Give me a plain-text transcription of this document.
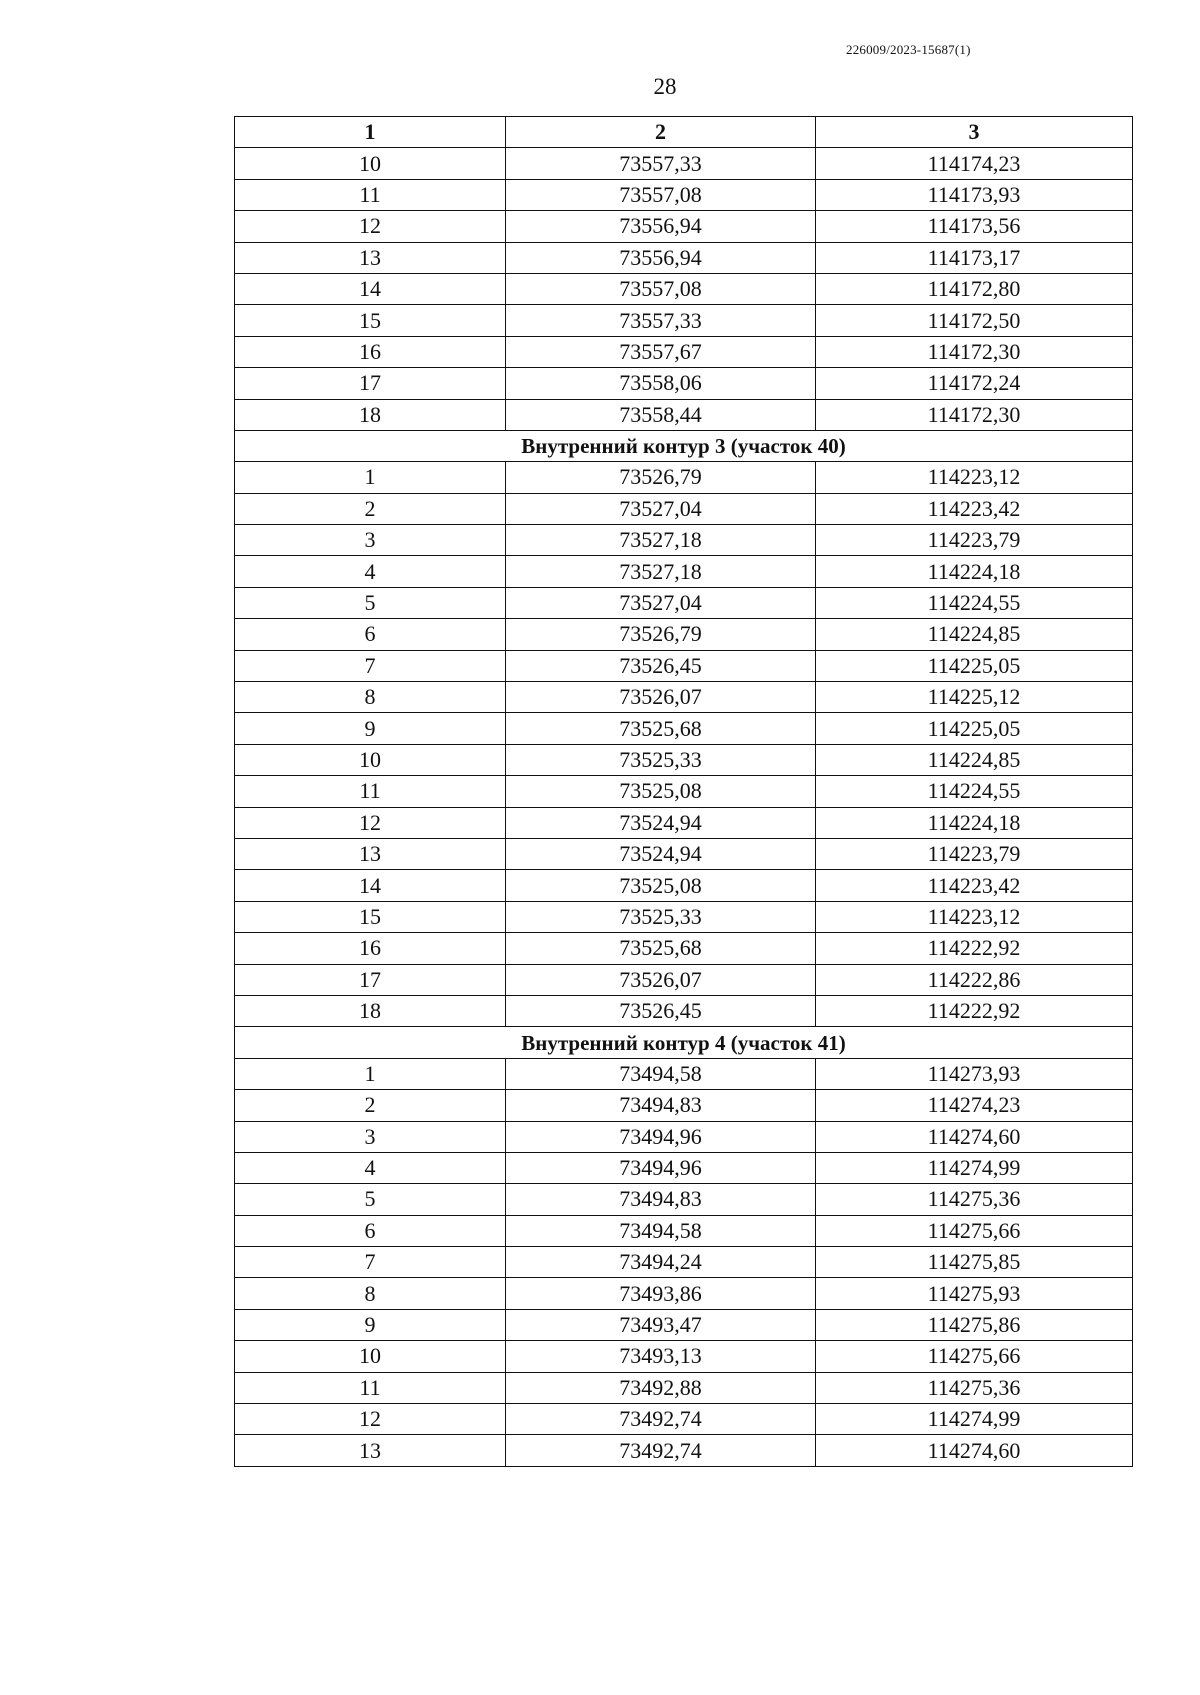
226009/2023-15687(1)
28
1	2	3
10	73557,33	114174,23
11	73557,08	114173,93
12	73556,94	114173,56
13	73556,94	114173,17
14	73557,08	114172,80
15	73557,33	114172,50
16	73557,67	114172,30
17	73558,06	114172,24
18	73558,44	114172,30
Внутренний контур 3 (участок 40)		
1	73526,79	114223,12
2	73527,04	114223,42
3	73527,18	114223,79
4	73527,18	114224,18
5	73527,04	114224,55
6	73526,79	114224,85
7	73526,45	114225,05
8	73526,07	114225,12
9	73525,68	114225,05
10	73525,33	114224,85
11	73525,08	114224,55
12	73524,94	114224,18
13	73524,94	114223,79
14	73525,08	114223,42
15	73525,33	114223,12
16	73525,68	114222,92
17	73526,07	114222,86
18	73526,45	114222,92
Внутренний контур 4 (участок 41)		
1	73494,58	114273,93
2	73494,83	114274,23
3	73494,96	114274,60
4	73494,96	114274,99
5	73494,83	114275,36
6	73494,58	114275,66
7	73494,24	114275,85
8	73493,86	114275,93
9	73493,47	114275,86
10	73493,13	114275,66
11	73492,88	114275,36
12	73492,74	114274,99
13	73492,74	114274,60
